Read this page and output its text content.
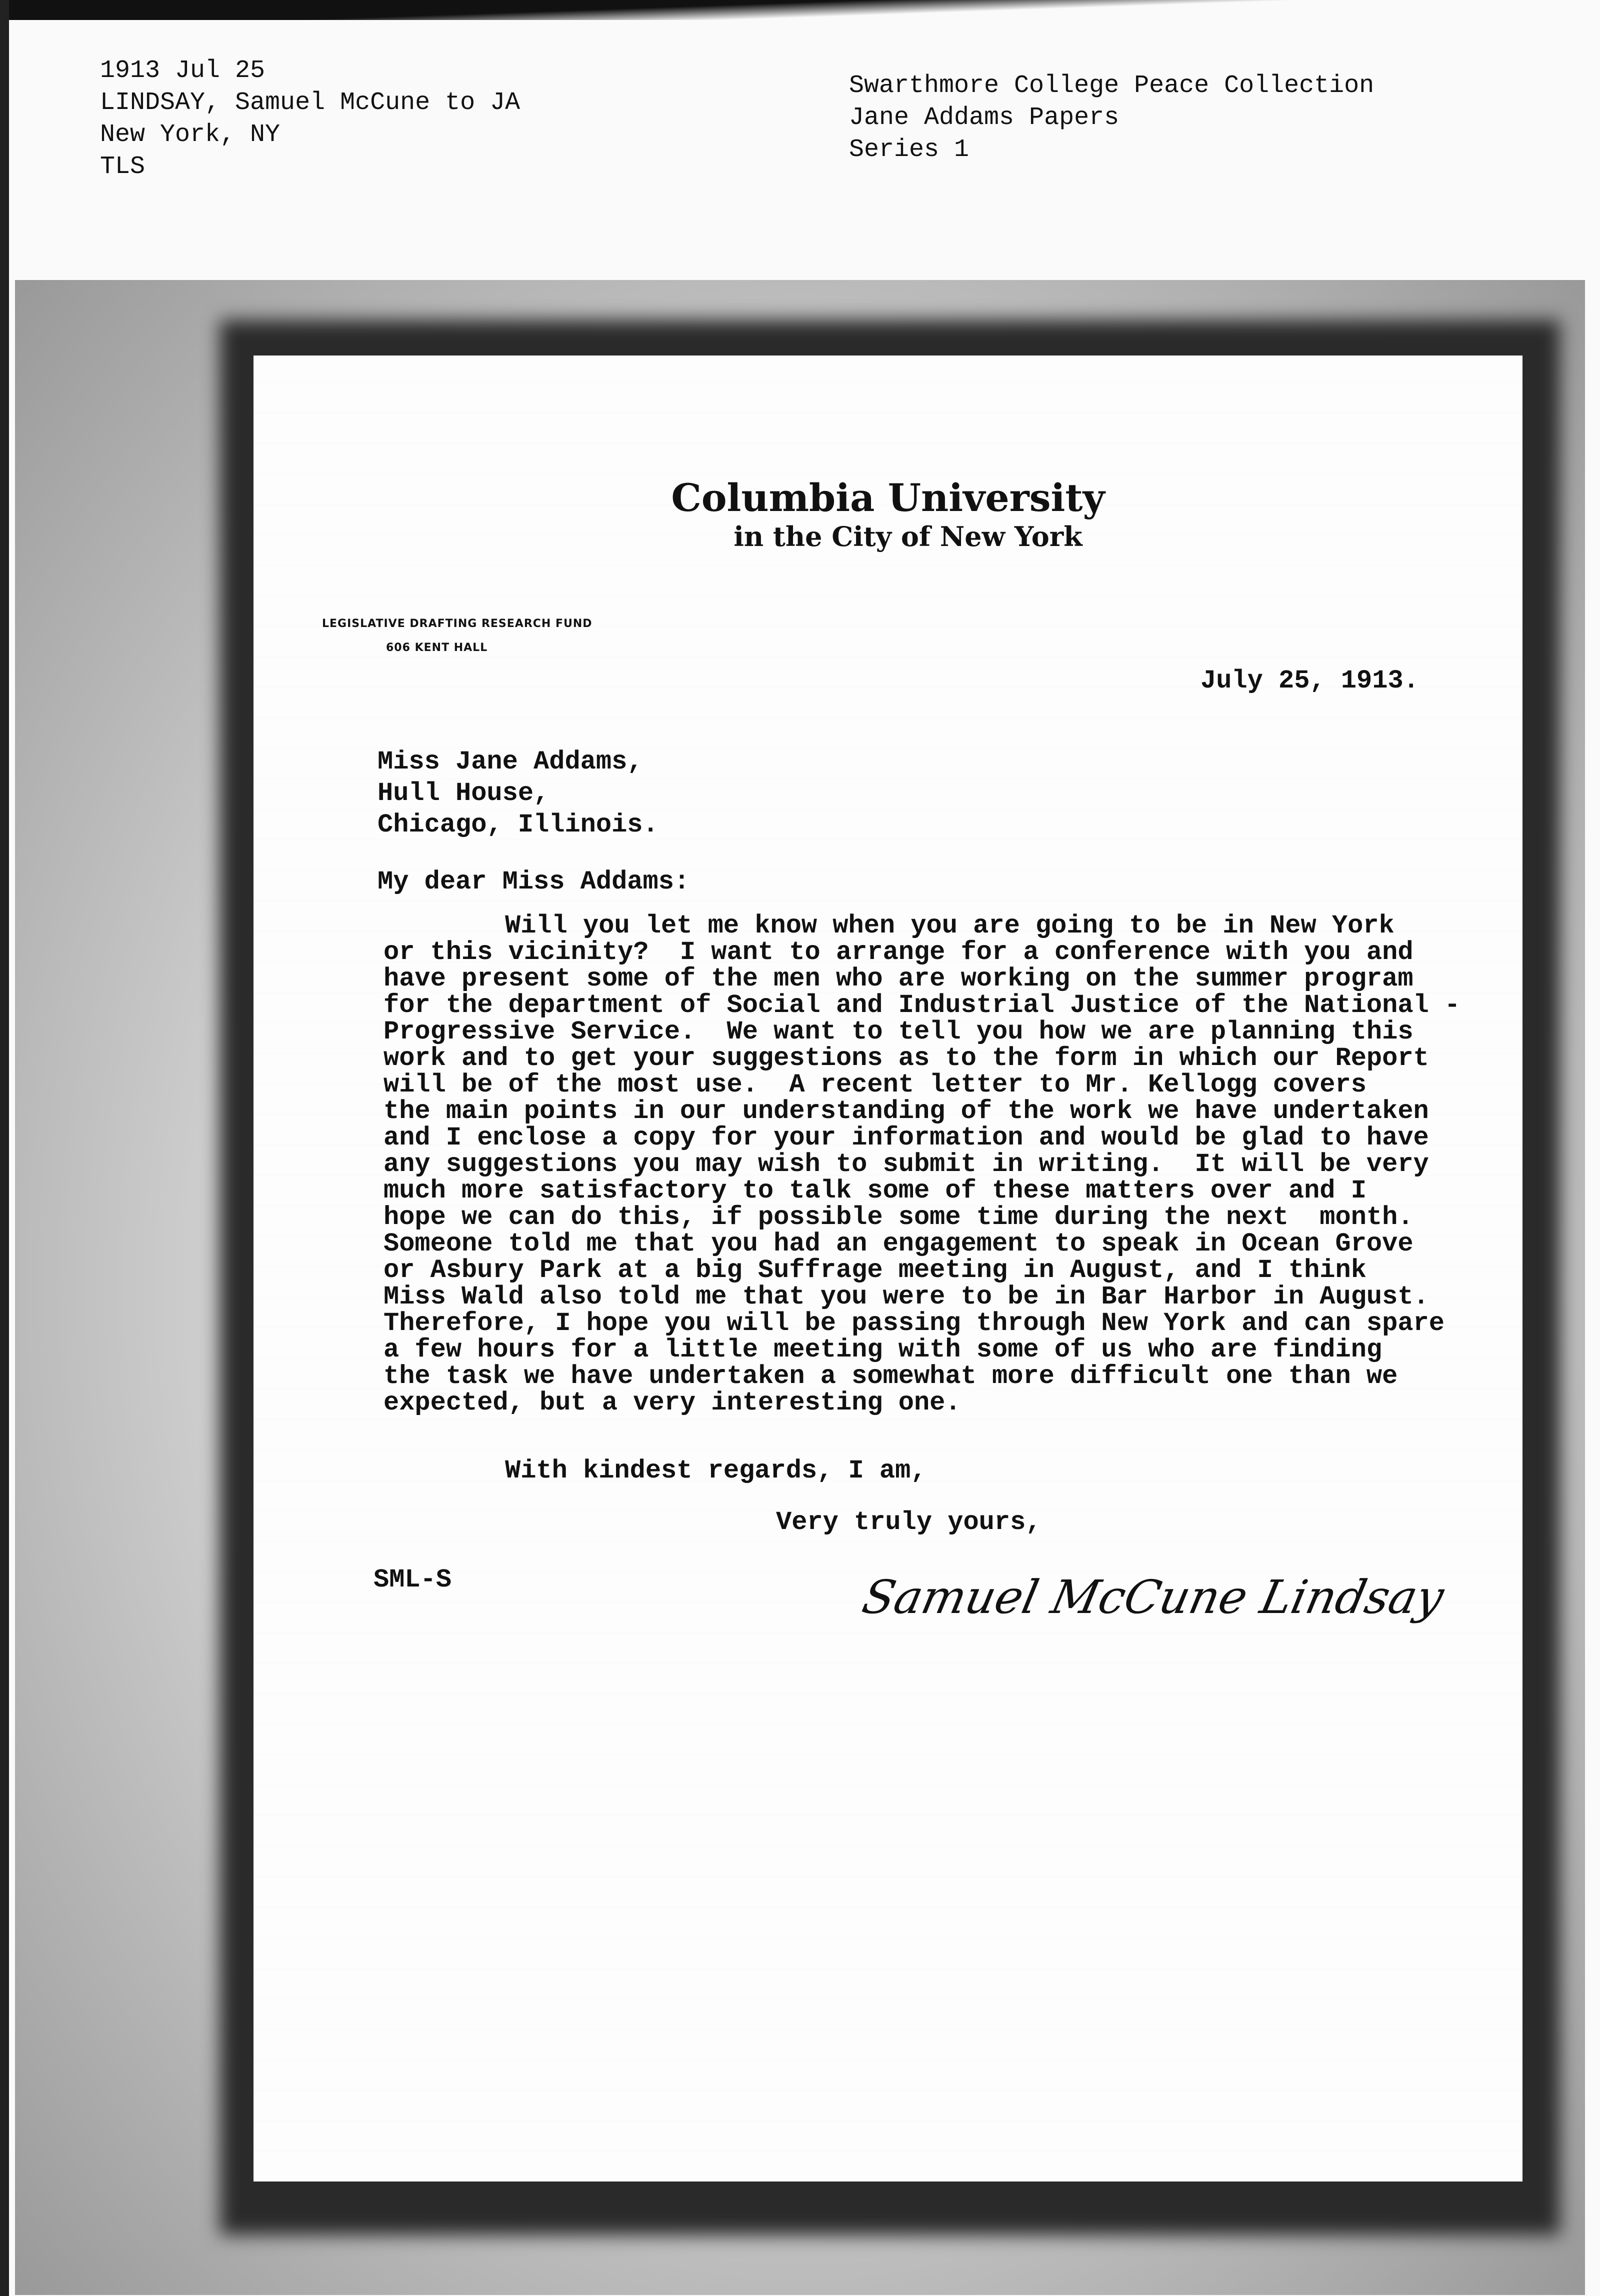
1913 Jul 25
LINDSAY, Samuel McCune to JA
New York, NY
TLS
Swarthmore College Peace Collection
Jane Addams Papers
Series 1
Columbia University
in the City of New York
LEGISLATIVE DRAFTING RESEARCH FUND
606 KENT HALL
July 25, 1913.
Miss Jane Addams,
Hull House,
Chicago, Illinois.
My dear Miss Addams:
Will you let me know when you are going to be in New York
or this vicinity?  I want to arrange for a conference with you and
have present some of the men who are working on the summer program
for the department of Social and Industrial Justice of the National -
Progressive Service.  We want to tell you how we are planning this
work and to get your suggestions as to the form in which our Report
will be of the most use.  A recent letter to Mr. Kellogg covers
the main points in our understanding of the work we have undertaken
and I enclose a copy for your information and would be glad to have
any suggestions you may wish to submit in writing.  It will be very
much more satisfactory to talk some of these matters over and I
hope we can do this, if possible some time during the next  month.
Someone told me that you had an engagement to speak in Ocean Grove
or Asbury Park at a big Suffrage meeting in August, and I think
Miss Wald also told me that you were to be in Bar Harbor in August.
Therefore, I hope you will be passing through New York and can spare
a few hours for a little meeting with some of us who are finding
the task we have undertaken a somewhat more difficult one than we
expected, but a very interesting one.
With kindest regards, I am,
Very truly yours,
SML-S	Samuel McCune Lindsay
